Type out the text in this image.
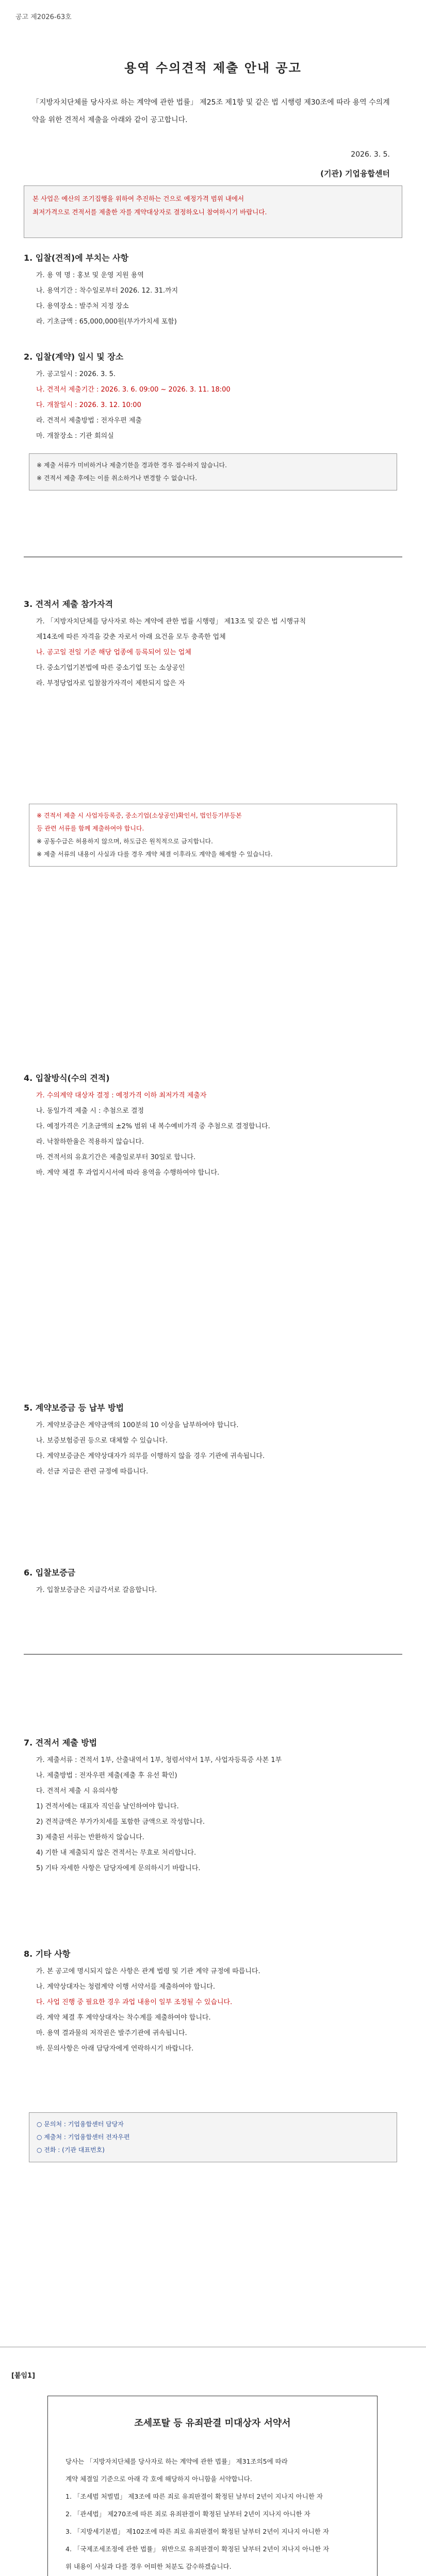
공고 제2026-63호
용역 수의견적 제출 안내 공고
「지방자치단체를 당사자로 하는 계약에 관한 법률」 제25조 제1항 및 같은 법 시행령 제30조에 따라 용역 수의계약을 위한 견적서 제출을 아래와 같이 공고합니다.
2026. 3. 5.
(기관) 기업융합센터
본 사업은 예산의 조기집행을 위하여 추진하는 건으로 예정가격 범위 내에서
최저가격으로 견적서를 제출한 자를 계약대상자로 결정하오니 참여하시기 바랍니다.
1. 입찰(견적)에 부치는 사항
가. 용 역 명 : 홍보 및 운영 지원 용역
나. 용역기간 : 착수일로부터 2026. 12. 31.까지
다. 용역장소 : 발주처 지정 장소
라. 기초금액 : 65,000,000원(부가가치세 포함)
2. 입찰(계약) 일시 및 장소
가. 공고일시 : 2026. 3. 5.
나. 견적서 제출기간 : 2026. 3. 6. 09:00 ~ 2026. 3. 11. 18:00
다. 개찰일시 : 2026. 3. 12. 10:00
라. 견적서 제출방법 : 전자우편 제출
마. 개찰장소 : 기관 회의실
※ 제출 서류가 미비하거나 제출기한을 경과한 경우 접수하지 않습니다.
※ 견적서 제출 후에는 이를 취소하거나 변경할 수 없습니다.
3. 견적서 제출 참가자격
가. 「지방자치단체를 당사자로 하는 계약에 관한 법률 시행령」 제13조 및 같은 법 시행규칙
제14조에 따른 자격을 갖춘 자로서 아래 요건을 모두 충족한 업체
나. 공고일 전일 기준 해당 업종에 등록되어 있는 업체
다. 중소기업기본법에 따른 중소기업 또는 소상공인
라. 부정당업자로 입찰참가자격이 제한되지 않은 자
※ 견적서 제출 시 사업자등록증, 중소기업(소상공인)확인서, 법인등기부등본
등 관련 서류를 함께 제출하여야 합니다.
※ 공동수급은 허용하지 않으며, 하도급은 원칙적으로 금지합니다.
※ 제출 서류의 내용이 사실과 다를 경우 계약 체결 이후라도 계약을 해제할 수 있습니다.
4. 입찰방식(수의 견적)
가. 수의계약 대상자 결정 : 예정가격 이하 최저가격 제출자
나. 동일가격 제출 시 : 추첨으로 결정
다. 예정가격은 기초금액의 ±2% 범위 내 복수예비가격 중 추첨으로 결정합니다.
라. 낙찰하한율은 적용하지 않습니다.
마. 견적서의 유효기간은 제출일로부터 30일로 합니다.
바. 계약 체결 후 과업지시서에 따라 용역을 수행하여야 합니다.
5. 계약보증금 등 납부 방법
가. 계약보증금은 계약금액의 100분의 10 이상을 납부하여야 합니다.
나. 보증보험증권 등으로 대체할 수 있습니다.
다. 계약보증금은 계약상대자가 의무를 이행하지 않을 경우 기관에 귀속됩니다.
라. 선금 지급은 관련 규정에 따릅니다.
6. 입찰보증금
가. 입찰보증금은 지급각서로 갈음합니다.
7. 견적서 제출 방법
가. 제출서류 : 견적서 1부, 산출내역서 1부, 청렴서약서 1부, 사업자등록증 사본 1부
나. 제출방법 : 전자우편 제출(제출 후 유선 확인)
다. 견적서 제출 시 유의사항
1) 견적서에는 대표자 직인을 날인하여야 합니다.
2) 견적금액은 부가가치세를 포함한 금액으로 작성합니다.
3) 제출된 서류는 반환하지 않습니다.
4) 기한 내 제출되지 않은 견적서는 무효로 처리합니다.
5) 기타 자세한 사항은 담당자에게 문의하시기 바랍니다.
8. 기타 사항
가. 본 공고에 명시되지 않은 사항은 관계 법령 및 기관 계약 규정에 따릅니다.
나. 계약상대자는 청렴계약 이행 서약서를 제출하여야 합니다.
다. 사업 진행 중 필요한 경우 과업 내용이 일부 조정될 수 있습니다.
라. 계약 체결 후 계약상대자는 착수계를 제출하여야 합니다.
마. 용역 결과물의 저작권은 발주기관에 귀속됩니다.
바. 문의사항은 아래 담당자에게 연락하시기 바랍니다.
○ 문의처 : 기업융합센터 담당자
○ 제출처 : 기업융합센터 전자우편
○ 전화 : (기관 대표번호)
[붙임1]
조세포탈 등 유죄판결 미대상자 서약서
당사는 「지방자치단체를 당사자로 하는 계약에 관한 법률」 제31조의5에 따라
계약 체결일 기준으로 아래 각 호에 해당하지 아니함을 서약합니다.
1. 「조세범 처벌법」 제3조에 따른 죄로 유죄판결이 확정된 날부터 2년이 지나지 아니한 자
2. 「관세법」 제270조에 따른 죄로 유죄판결이 확정된 날부터 2년이 지나지 아니한 자
3. 「지방세기본법」 제102조에 따른 죄로 유죄판결이 확정된 날부터 2년이 지나지 아니한 자
4. 「국제조세조정에 관한 법률」 위반으로 유죄판결이 확정된 날부터 2년이 지나지 아니한 자
위 내용이 사실과 다를 경우 어떠한 처분도 감수하겠습니다.
